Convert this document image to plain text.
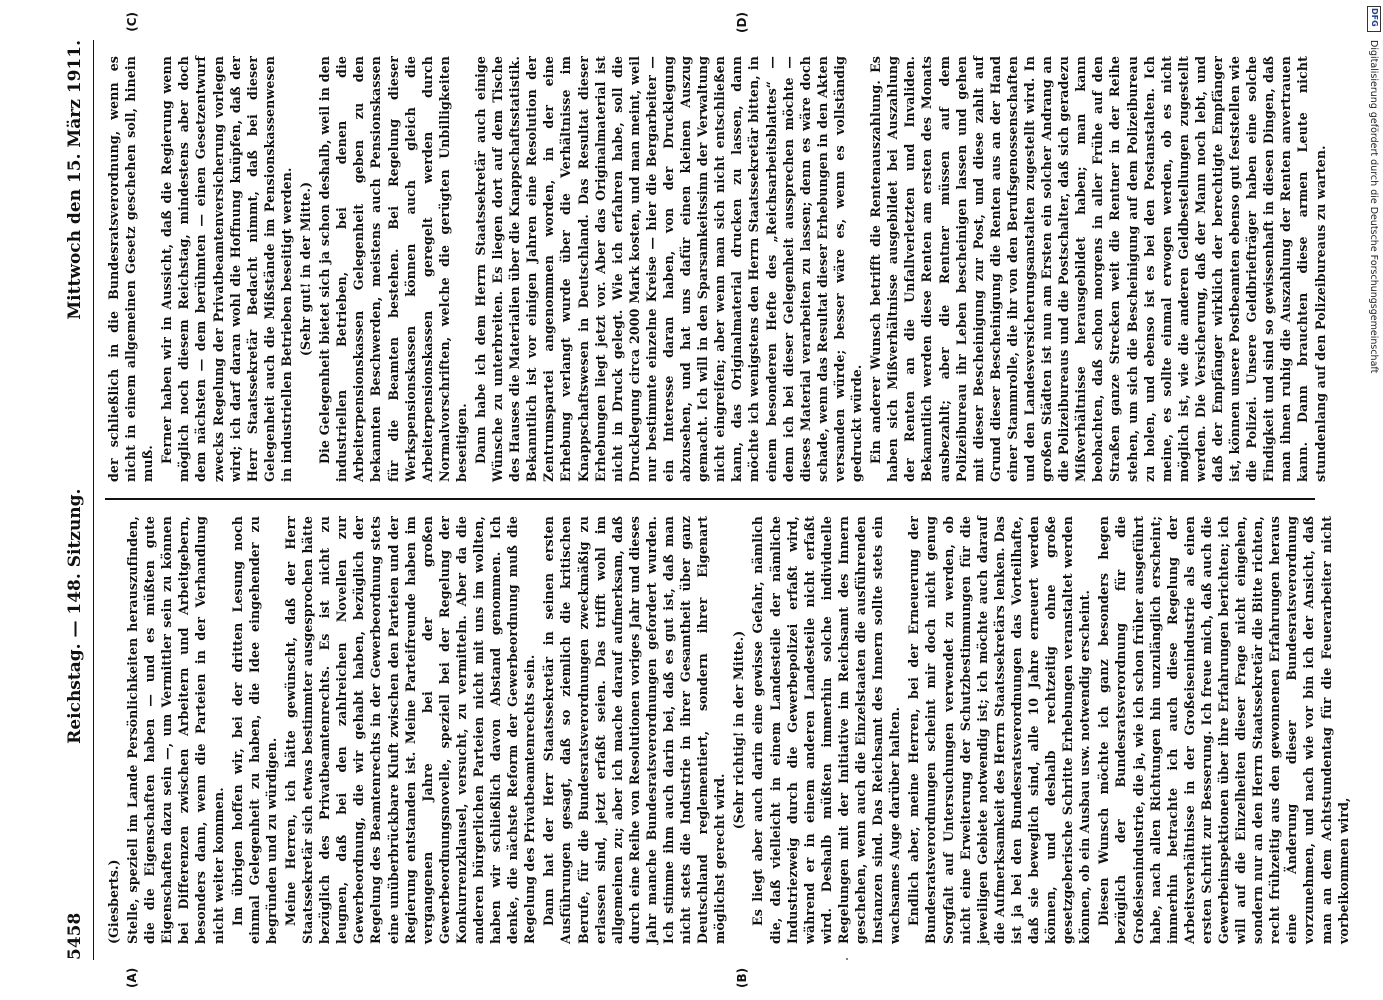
5458
Reichstag. — 148. Sitzung.
Mittwoch den 15. März 1911.

(Giesberts.) Stelle, speziell im Lande Persönlichkeiten herauszufinden, die die Eigenschaften haben — und es müßten gute Eigenschaften dazu sein —, um Vermittler sein zu können bei Differenzen zwischen Arbeitern und Arbeitgebern, besonders dann, wenn die Parteien in der Verhandlung nicht weiter kommen. Im übrigen hoffen wir, bei der dritten Lesung noch einmal Gelegenheit zu haben, die Idee eingehender zu begründen und zu würdigen. Meine Herren, ich hätte gewünscht, daß der Herr Staatssekretär sich etwas bestimmter ausgesprochen hätte bezüglich des Privatbeamtenrechts. Es ist nicht zu leugnen, daß bei den zahlreichen Novellen zur Gewerbeordnung, die wir gehabt haben, bezüglich der Regelung des Beamtenrechts in der Gewerbeordnung stets eine unüberbrückbare Kluft zwischen den Parteien und der Regierung entstanden ist. Meine Parteifreunde haben im vergangenen Jahre bei der großen Gewerbeordnungsnovelle, speziell bei der Regelung der Konkurrenzklausel, versucht, zu vermitteln. Aber da die anderen bürgerlichen Parteien nicht mit uns im wollten, haben wir schließlich davon Abstand genommen. Ich denke, die nächste Reform der Gewerbeordnung muß die Regelung des Privatbeamtenrechts sein. Dann hat der Herr Staatssekretär in seinen ersten Ausführungen gesagt, daß so ziemlich die kritischen Berufe, für die Bundesratsverordnungen zweckmäßig zu erlassen sind, jetzt erfaßt seien. Das trifft wohl im allgemeinen zu; aber ich mache darauf aufmerksam, daß durch eine Reihe von Resolutionen voriges Jahr und dieses Jahr manche Bundesratsverordnungen gefordert wurden. Ich stimme ihm auch darin bei, daß es gut ist, daß man nicht stets die Industrie in ihrer Gesamtheit über ganz Deutschland reglementiert, sondern ihrer Eigenart möglichst gerecht wird.

(Sehr richtig! in der Mitte.) Es liegt aber auch darin eine gewisse Gefahr, nämlich die, daß vielleicht in einem Landesteile der nämliche Industriezweig durch die Gewerbepolizei erfaßt wird, während er in einem anderen Landesteile nicht erfaßt wird. Deshalb müßten immerhin solche individuelle Regelungen mit der Initiative im Reichsamt des Innern geschehen, wenn auch die Einzelstaaten die ausführenden Instanzen sind. Das Reichsamt des Innern sollte stets ein wachsames Auge darüber halten. Endlich aber, meine Herren, bei der Erneuerung der Bundesratsverordnungen scheint mir doch nicht genug Sorgfalt auf Untersuchungen verwendet zu werden, ob nicht eine Erweiterung der Schutzbestimmungen für die jeweiligen Gebiete notwendig ist; ich möchte auch darauf die Aufmerksamkeit des Herrn Staatssekretärs lenken. Das ist ja bei den Bundesratsverordnungen das Vorteilhafte, daß sie beweglich sind, alle 10 Jahre erneuert werden können, und deshalb rechtzeitig ohne große gesetzgeberische Schritte Erhebungen veranstaltet werden können, ob ein Ausbau usw. notwendig erscheint. Diesen Wunsch möchte ich ganz besonders hegen bezüglich der Bundesratsverordnung für die Großeisenindustrie, die ja, wie ich schon früher ausgeführt habe, nach allen Richtungen hin unzulänglich erscheint; immerhin betrachte ich auch diese Regelung der Arbeitsverhältnisse in der Großeisenindustrie als einen ersten Schritt zur Besserung. Ich freue mich, daß auch die Gewerbeinspektionen über ihre Erfahrungen berichten; ich will auf die Einzelheiten dieser Frage nicht eingehen, sondern nur an den Herrn Staatssekretär die Bitte richten, recht frühzeitig aus den gewonnenen Erfahrungen heraus eine Änderung dieser Bundesratsverordnung vorzunehmen, und nach wie vor bin ich der Ansicht, daß man an dem Achtstundentag für die Feuerarbeiter nicht vorbeikommen wird,

der schließlich in die Bundesratsverordnung, wenn es nicht in einem allgemeinen Gesetz geschehen soll, hinein muß. Ferner haben wir in Aussicht, daß die Regierung wenn möglich noch diesem Reichstag, mindestens aber doch dem nächsten — dem berühmten — einen Gesetzentwurf zwecks Regelung der Privatbeamtenversicherung vorlegen wird; ich darf daran wohl die Hoffnung knüpfen, daß der Herr Staatssekretär Bedacht nimmt, daß bei dieser Gelegenheit auch die Mißstände im Pensionskassenwesen in industriellen Betrieben beseitigt werden. (Sehr gut! in der Mitte.) Die Gelegenheit bietet sich ja schon deshalb, weil in den industriellen Betrieben, bei denen die Arbeiterpensionskassen Gelegenheit geben zu den bekannten Beschwerden, meistens auch Pensionskassen für die Beamten bestehen. Bei Regelung dieser Werkspensionskassen können auch gleich die Arbeiterpensionskassen geregelt werden durch Normalvorschriften, welche die gerügten Unbilligkeiten beseitigen. Dann habe ich dem Herrn Staatssekretär auch einige Wünsche zu unterbreiten. Es liegen dort auf dem Tische des Hauses die Materialien über die Knappschaftsstatistik. Bekanntlich ist vor einigen Jahren eine Resolution der Zentrumspartei angenommen worden, in der eine Erhebung verlangt wurde über die Verhältnisse im Knappschaftswesen in Deutschland. Das Resultat dieser Erhebungen liegt jetzt vor. Aber das Originalmaterial ist nicht in Druck gelegt. Wie ich erfahren habe, soll die Drucklegung circa 2000 Mark kosten, und man meint, weil nur bestimmte einzelne Kreise — hier die Bergarbeiter — ein Interesse daran haben, von der Drucklegung abzusehen, und hat uns dafür einen kleinen Auszug gemacht. Ich will in den Sparsamkeitssinn der Verwaltung nicht eingreifen; aber wenn man sich nicht entschließen kann, das Originalmaterial drucken zu lassen, dann möchte ich wenigstens den Herrn Staatssekretär bitten, in einem besonderen Hefte des „Reichsarbeitsblattes“ — denn ich bei dieser Gelegenheit aussprechen möchte — dieses Material verarbeiten zu lassen; denn es wäre doch schade, wenn das Resultat dieser Erhebungen in den Akten versanden würde; besser wäre es, wenn es vollständig gedruckt würde. Ein anderer Wunsch betrifft die Rentenauszahlung. Es haben sich Mißverhältnisse ausgebildet bei Auszahlung der Renten an die Unfallverletzten und Invaliden. Bekanntlich werden diese Renten am ersten des Monats ausbezahlt; aber die Rentner müssen auf dem Polizeibureau ihr Leben bescheinigen lassen und gehen mit dieser Bescheinigung zur Post, und diese zahlt auf Grund dieser Bescheinigung die Renten aus an der Hand einer Stammrolle, die ihr von den Berufsgenossenschaften und den Landesversicherungsanstalten zugestellt wird. In großen Städten ist nun am Ersten ein solcher Andrang an die Polizeibureaus und die Postschalter, daß sich geradezu Mißverhältnisse herausgebildet haben; man kann beobachten, daß schon morgens in aller Frühe auf den Straßen ganze Strecken weit die Rentner in der Reihe stehen, um sich die Bescheinigung auf dem Polizeibureau zu holen, und ebenso ist es bei den Postanstalten. Ich meine, es sollte einmal erwogen werden, ob es nicht möglich ist, wie die anderen Geldbestellungen zugestellt werden. Die Versicherung, daß der Mann noch lebt, und daß der Empfänger wirklich der berechtigte Empfänger ist, können unsere Postbeamten ebenso gut feststellen wie die Polizei. Unsere Geldbriefträger haben eine solche Findigkeit und sind so gewissenhaft in diesen Dingen, daß man ihnen ruhig die Auszahlung der Renten anvertrauen kann. Dann brauchten diese armen Leute nicht stundenlang auf den Polizeibureaus zu warten.

(A)	(B)
(C)	(D)	DFG
Digitalisierung gefördert durch die Deutsche Forschungsgemeinschaft
